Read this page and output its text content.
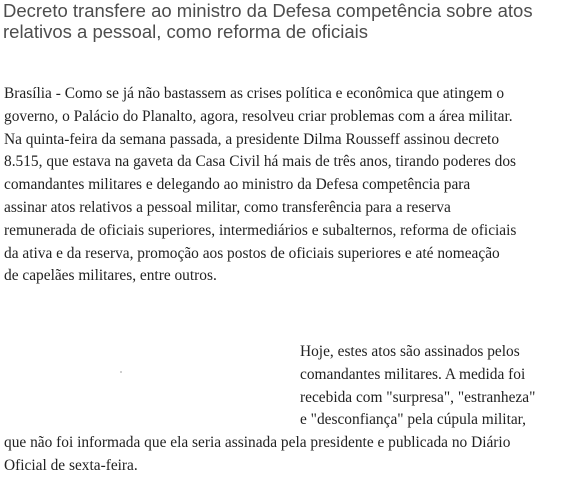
Decreto transfere ao ministro da Defesa competência sobre atos
relativos a pessoal, como reforma de oficiais
Brasília - Como se já não bastassem as crises política e econômica que atingem o
governo, o Palácio do Planalto, agora, resolveu criar problemas com a área militar.
Na quinta-feira da semana passada, a presidente Dilma Rousseff assinou decreto
8.515, que estava na gaveta da Casa Civil há mais de três anos, tirando poderes dos
comandantes militares e delegando ao ministro da Defesa competência para
assinar atos relativos a pessoal militar, como transferência para a reserva
remunerada de oficiais superiores, intermediários e subalternos, reforma de oficiais
da ativa e da reserva, promoção aos postos de oficiais superiores e até nomeação
de capelães militares, entre outros.
Hoje, estes atos são assinados pelos
comandantes militares. A medida foi
recebida com "surpresa", "estranheza"
e "desconfiança" pela cúpula militar,
que não foi informada que ela seria assinada pela presidente e publicada no Diário
Oficial de sexta-feira.
